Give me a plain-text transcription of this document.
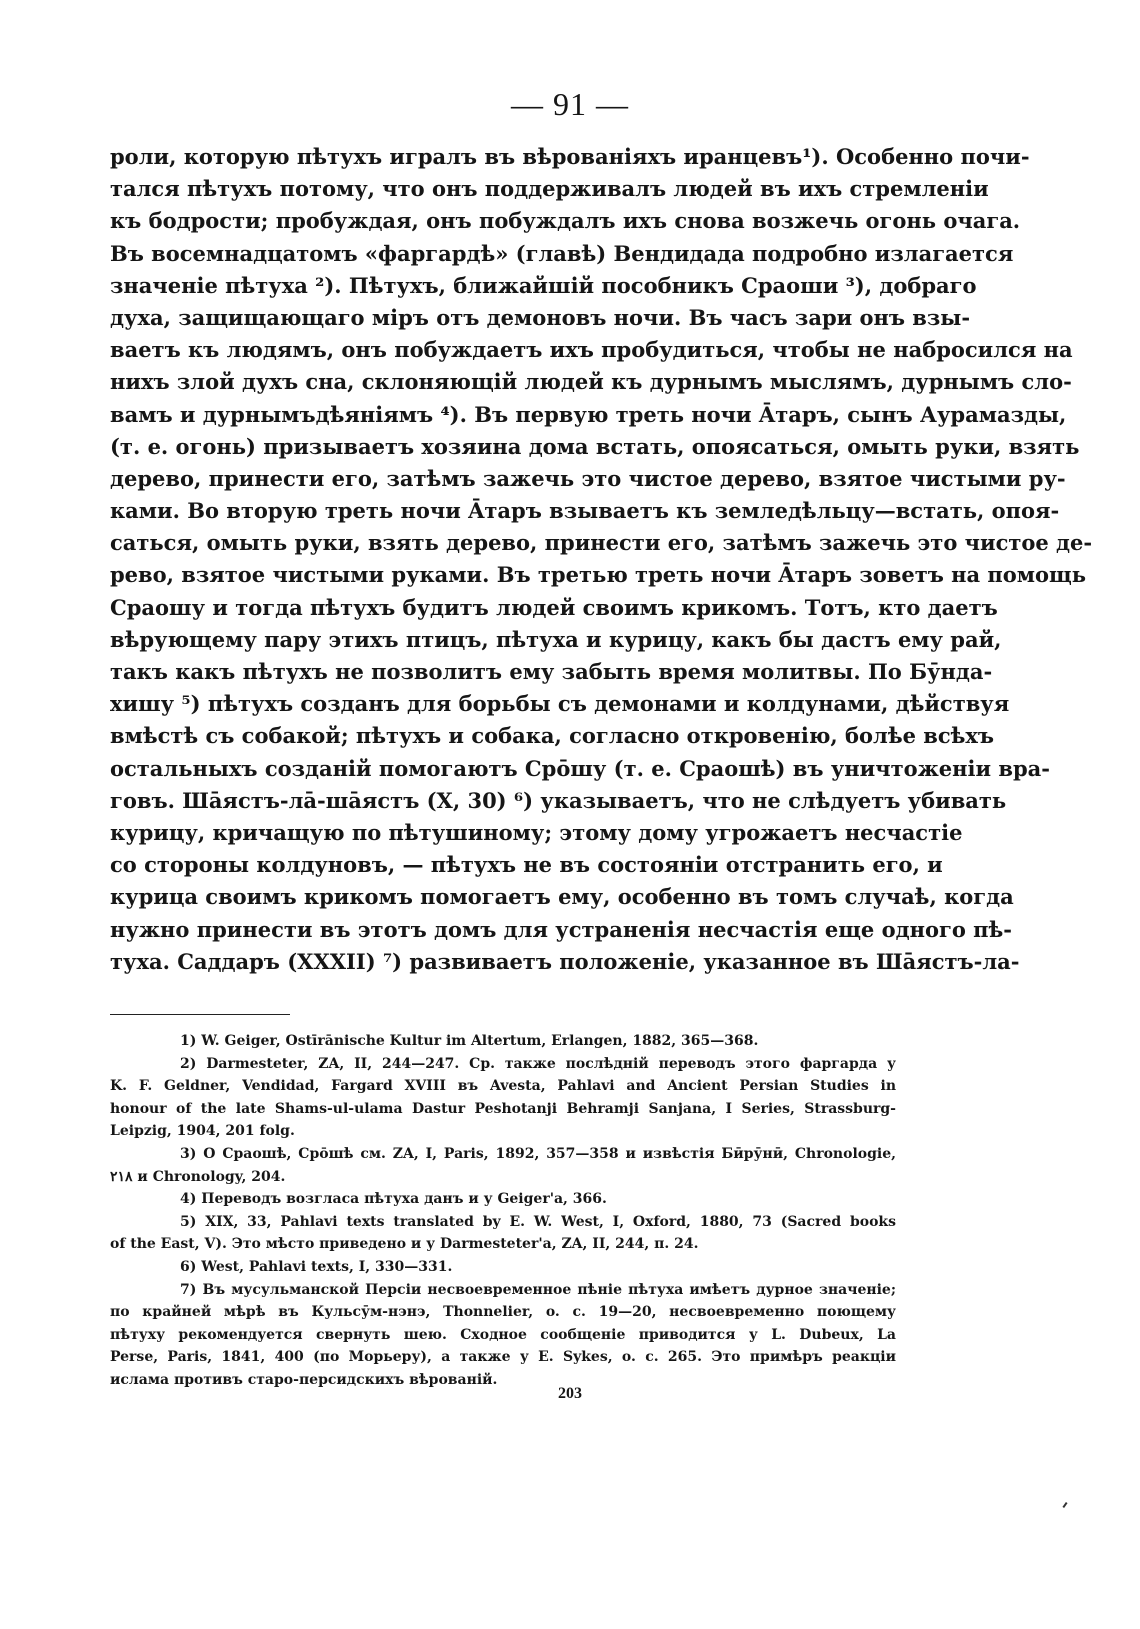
— 91 —
роли, которую пѣтухъ игралъ въ вѣрованіяхъ иранцевъ¹). Особенно почи-
тался пѣтухъ потому, что онъ поддерживалъ людей въ ихъ стремленіи
къ бодрости; пробуждая, онъ побуждалъ ихъ снова возжечь огонь очага.
Въ восемнадцатомъ «фаргардѣ» (главѣ) Вендидада подробно излагается
значеніе пѣтуха ²). Пѣтухъ, ближайшій пособникъ Сраоши ³), добраго
духа, защищающаго міръ отъ демоновъ ночи. Въ часъ зари онъ взы-
ваетъ къ людямъ, онъ побуждаетъ ихъ пробудиться, чтобы не набросился на
нихъ злой духъ сна, склоняющій людей къ дурнымъ мыслямъ, дурнымъ сло-
вамъ и дурнымъдѣяніямъ ⁴). Въ первую треть ночи Āтаръ, сынъ Аурамазды,
(т. е. огонь) призываетъ хозяина дома встать, опоясаться, омыть руки, взять
дерево, принести его, затѣмъ зажечь это чистое дерево, взятое чистыми ру-
ками. Во вторую треть ночи Āтаръ взываетъ къ земледѣльцу—встать, опоя-
саться, омыть руки, взять дерево, принести его, затѣмъ зажечь это чистое де-
рево, взятое чистыми руками. Въ третью треть ночи Āтаръ зоветъ на помощь
Сраошу и тогда пѣтухъ будитъ людей своимъ крикомъ. Тотъ, кто даетъ
вѣрующему пару этихъ птицъ, пѣтуха и курицу, какъ бы дастъ ему рай,
такъ какъ пѣтухъ не позволитъ ему забыть время молитвы. По Бӯнда-
хишу ⁵) пѣтухъ созданъ для борьбы съ демонами и колдунами, дѣйствуя
вмѣстѣ съ собакой; пѣтухъ и собака, согласно откровенію, болѣе всѣхъ
остальныхъ созданій помогаютъ Срōшу (т. е. Сраошѣ) въ уничтоженіи вра-
говъ. Шāястъ-лā-шāястъ (X, 30) ⁶) указываетъ, что не слѣдуетъ убивать
курицу, кричащую по пѣтушиному; этому дому угрожаетъ несчастіе
со стороны колдуновъ, — пѣтухъ не въ состояніи отстранить его, и
курица своимъ крикомъ помогаетъ ему, особенно въ томъ случаѣ, когда
нужно принести въ этотъ домъ для устраненія несчастія еще одного пѣ-
туха. Саддаръ (XXXII) ⁷) развиваетъ положеніе, указанное въ Шāястъ-ла-
1) W. Geiger, Ostīrānische Kultur im Altertum, Erlangen, 1882, 365—368.
2) Darmesteter, ZA, II, 244—247. Ср. также послѣдній переводъ этого фаргарда у
K. F. Geldner, Vendidad, Fargard XVIII въ Avesta, Pahlavi and Ancient Persian Studies in
honour of the late Shams-ul-ulama Dastur Peshotanji Behramji Sanjana, I Series, Strassburg-
Leipzig, 1904, 201 folg.
3) О Сраошѣ, Срōшѣ см. ZA, I, Paris, 1892, 357—358 и извѣстія Бӣрӯнӣ, Chronologie,
٢١٨ и Chronology, 204.
4) Переводъ возгласа пѣтуха данъ и у Geiger'а, 366.
5) XIX, 33, Pahlavi texts translated by E. W. West, I, Oxford, 1880, 73 (Sacred books
of the East, V). Это мѣсто приведено и у Darmesteter'а, ZA, II, 244, п. 24.
6) West, Pahlavi texts, I, 330—331.
7) Въ мусульманской Персіи несвоевременное пѣніе пѣтуха имѣетъ дурное значеніе;
по крайней мѣрѣ въ Кульсӯм-нэнэ, Thonnelier, o. c. 19—20, несвоевременно поющему
пѣтуху рекомендуется свернуть шею. Сходное сообщеніе приводится у L. Dubeux, La
Perse, Paris, 1841, 400 (по Морьеру), а также у E. Sykes, o. c. 265. Это примѣръ реакціи
ислама противъ старо-персидскихъ вѣрованій.
203
